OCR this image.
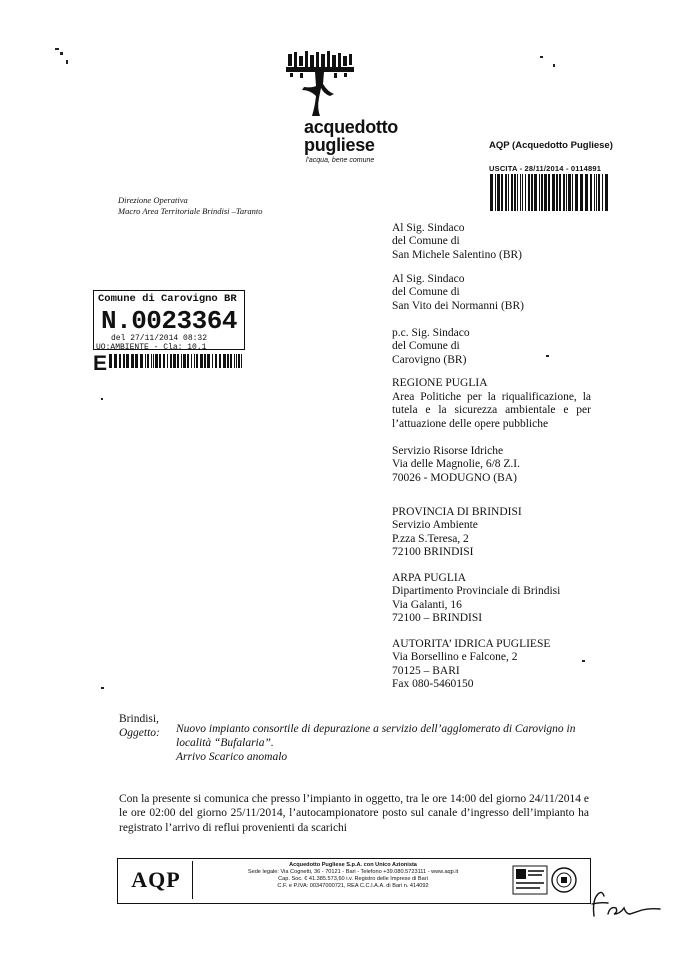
acquedotto
pugliese
l'acqua, bene comune
AQP (Acquedotto Pugliese)
USCITA - 28/11/2014 - 0114891
Direzione Operativa
Macro Area Territoriale Brindisi –Taranto
Comune di Carovigno BR
N.0023364
del 27/11/2014 08:32
UO:AMBIENTE - Cla: 10.1
E
Al Sig. Sindaco
del Comune di
San Michele Salentino (BR)
Al Sig. Sindaco
del Comune di
San Vito dei Normanni (BR)
p.c. Sig. Sindaco
del Comune di
Carovigno (BR)
REGIONE PUGLIA
Area Politiche per la riqualificazione, la tutela e la sicurezza ambientale e per l’attuazione delle opere pubbliche
Servizio Risorse Idriche
Via delle Magnolie, 6/8 Z.I.
70026 - MODUGNO (BA)
PROVINCIA DI BRINDISI
Servizio Ambiente
P.zza S.Teresa, 2
72100 BRINDISI
ARPA PUGLIA
Dipartimento Provinciale di Brindisi
Via Galanti, 16
72100 – BRINDISI
AUTORITA’ IDRICA PUGLIESE
Via Borsellino e Falcone, 2
70125 – BARI
Fax 080-5460150
Brindisi,
Oggetto: Nuovo impianto consortile di depurazione a servizio dell’agglomerato di Carovigno in località “Bufalaria”.
Arrivo Scarico anomalo
Con la presente si comunica che presso l’impianto in oggetto, tra le ore 14:00 del giorno 24/11/2014 e le ore 02:00 del giorno 25/11/2014, l’autocampionatore posto sul canale d’ingresso dell’impianto ha registrato l’arrivo di reflui provenienti da scarichi
AQP
Acquedotto Pugliese S.p.A. con Unico Azionista
Sede legale: Via Cognetti, 36 - 70121 - Bari - Telefono +39.080.5723111 - www.aqp.it
Cap. Soc. € 41.385.573,60 i.v. Registro delle Imprese di Bari
C.F. e P.IVA: 00347000721, REA C.C.I.A.A. di Bari n. 414092
